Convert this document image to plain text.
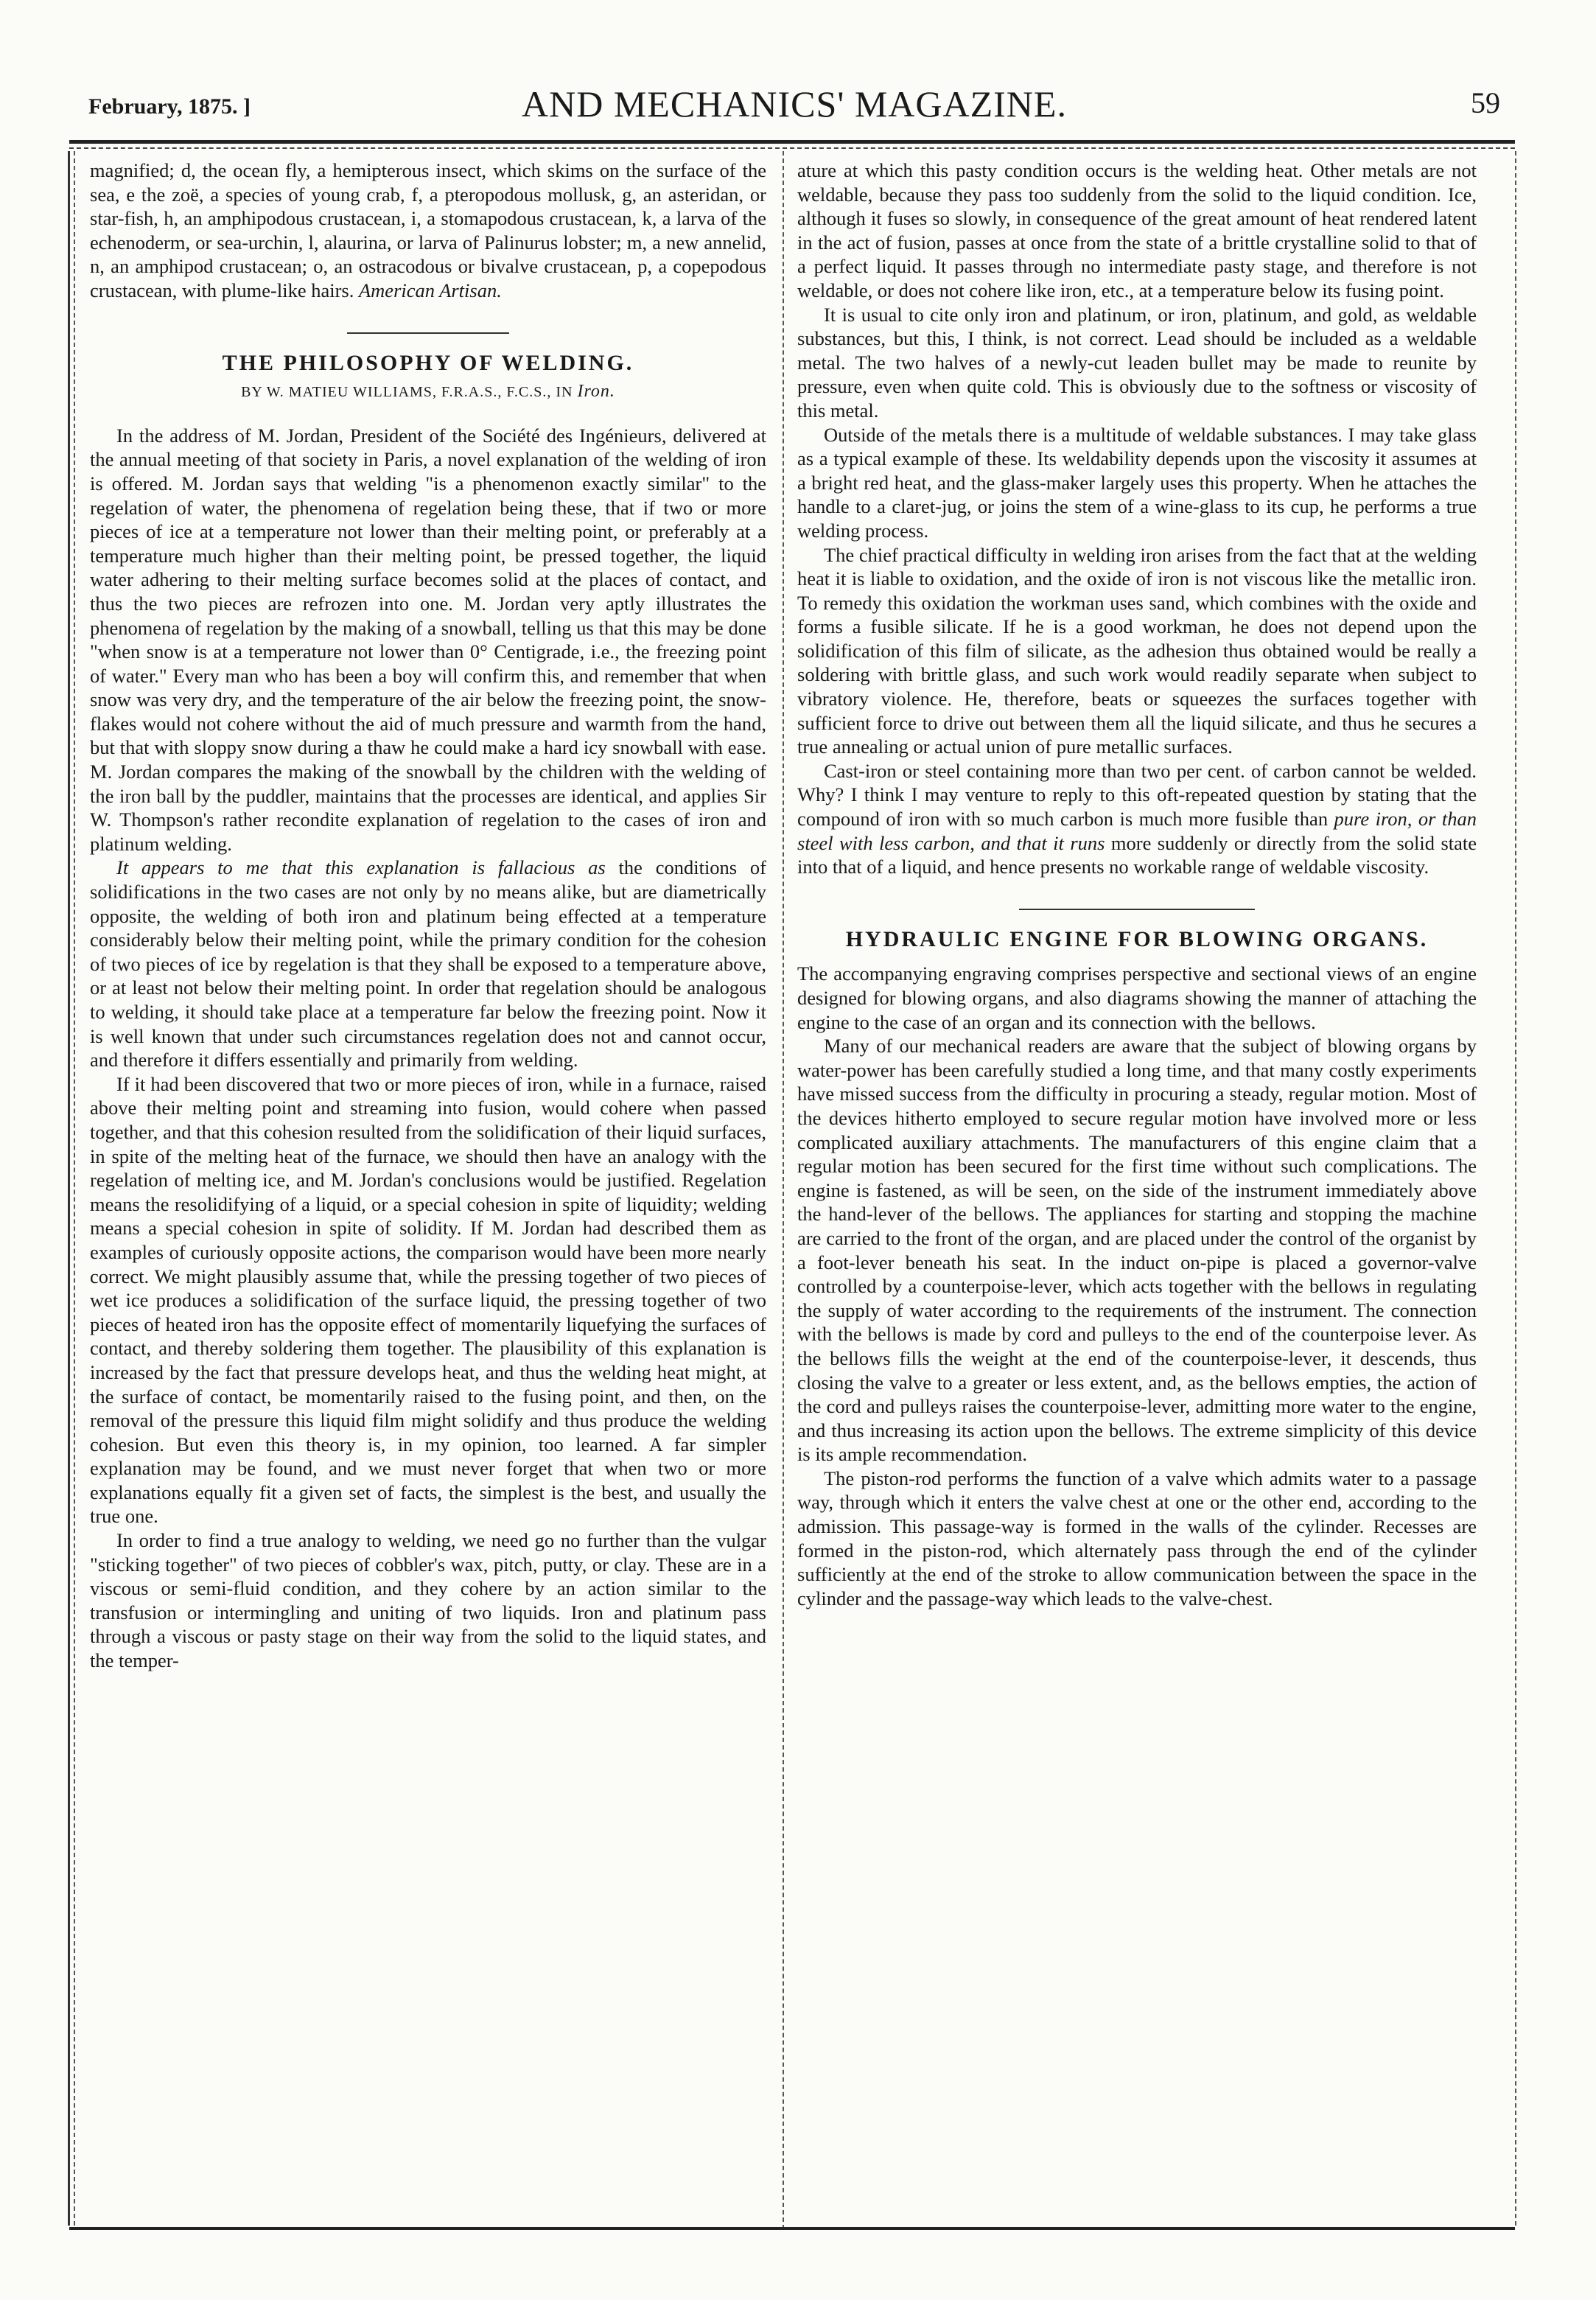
February, 1875. ]	AND MECHANICS' MAGAZINE.	59

magnified; d, the ocean fly, a hemipterous insect, which skims on the surface of the sea, e the zoë, a species of young crab, f, a pteropodous mollusk, g, an asteridan, or star-fish, h, an amphipodous crustacean, i, a stomapodous crustacean, k, a larva of the echenoderm, or sea-urchin, l, alaurina, or larva of Palinurus lobster; m, a new annelid, n, an amphipod crustacean; o, an ostracodous or bivalve crustacean, p, a copepodous crustacean, with plume-like hairs. American Artisan.

THE PHILOSOPHY OF WELDING.
BY W. MATIEU WILLIAMS, F.R.A.S., F.C.S., IN Iron.

In the address of M. Jordan, President of the Société des Ingénieurs, delivered at the annual meeting of that society in Paris, a novel explanation of the welding of iron is offered. M. Jordan says that welding "is a phenomenon exactly similar" to the regelation of water, the phenomena of regelation being these, that if two or more pieces of ice at a temperature not lower than their melting point, or preferably at a temperature much higher than their melting point, be pressed together, the liquid water adhering to their melting surface becomes solid at the places of contact, and thus the two pieces are refrozen into one. M. Jordan very aptly illustrates the phenomena of regelation by the making of a snowball, telling us that this may be done "when snow is at a temperature not lower than 0° Centigrade, i.e., the freezing point of water." Every man who has been a boy will confirm this, and remember that when snow was very dry, and the temperature of the air below the freezing point, the snow-flakes would not cohere without the aid of much pressure and warmth from the hand, but that with sloppy snow during a thaw he could make a hard icy snowball with ease. M. Jordan compares the making of the snowball by the children with the welding of the iron ball by the puddler, maintains that the processes are identical, and applies Sir W. Thompson's rather recondite explanation of regelation to the cases of iron and platinum welding.

It appears to me that this explanation is fallacious as the conditions of solidifications in the two cases are not only by no means alike, but are diametrically opposite, the welding of both iron and platinum being effected at a temperature considerably below their melting point, while the primary condition for the cohesion of two pieces of ice by regelation is that they shall be exposed to a temperature above, or at least not below their melting point. In order that regelation should be analogous to welding, it should take place at a temperature far below the freezing point. Now it is well known that under such circumstances regelation does not and cannot occur, and therefore it differs essentially and primarily from welding.

If it had been discovered that two or more pieces of iron, while in a furnace, raised above their melting point and streaming into fusion, would cohere when passed together, and that this cohesion resulted from the solidification of their liquid surfaces, in spite of the melting heat of the furnace, we should then have an analogy with the regelation of melting ice, and M. Jordan's conclusions would be justified. Regelation means the resolidifying of a liquid, or a special cohesion in spite of liquidity; welding means a special cohesion in spite of solidity. If M. Jordan had described them as examples of curiously opposite actions, the comparison would have been more nearly correct. We might plausibly assume that, while the pressing together of two pieces of wet ice produces a solidification of the surface liquid, the pressing together of two pieces of heated iron has the opposite effect of momentarily liquefying the surfaces of contact, and thereby soldering them together. The plausibility of this explanation is increased by the fact that pressure develops heat, and thus the welding heat might, at the surface of contact, be momentarily raised to the fusing point, and then, on the removal of the pressure this liquid film might solidify and thus produce the welding cohesion. But even this theory is, in my opinion, too learned. A far simpler explanation may be found, and we must never forget that when two or more explanations equally fit a given set of facts, the simplest is the best, and usually the true one.

In order to find a true analogy to welding, we need go no further than the vulgar "sticking together" of two pieces of cobbler's wax, pitch, putty, or clay. These are in a viscous or semi-fluid condition, and they cohere by an action similar to the transfusion or intermingling and uniting of two liquids. Iron and platinum pass through a viscous or pasty stage on their way from the solid to the liquid states, and the temper-

ature at which this pasty condition occurs is the welding heat. Other metals are not weldable, because they pass too suddenly from the solid to the liquid condition. Ice, although it fuses so slowly, in consequence of the great amount of heat rendered latent in the act of fusion, passes at once from the state of a brittle crystalline solid to that of a perfect liquid. It passes through no intermediate pasty stage, and therefore is not weldable, or does not cohere like iron, etc., at a temperature below its fusing point.

It is usual to cite only iron and platinum, or iron, platinum, and gold, as weldable substances, but this, I think, is not correct. Lead should be included as a weldable metal. The two halves of a newly-cut leaden bullet may be made to reunite by pressure, even when quite cold. This is obviously due to the softness or viscosity of this metal.

Outside of the metals there is a multitude of weldable substances. I may take glass as a typical example of these. Its weldability depends upon the viscosity it assumes at a bright red heat, and the glass-maker largely uses this property. When he attaches the handle to a claret-jug, or joins the stem of a wine-glass to its cup, he performs a true welding process.

The chief practical difficulty in welding iron arises from the fact that at the welding heat it is liable to oxidation, and the oxide of iron is not viscous like the metallic iron. To remedy this oxidation the workman uses sand, which combines with the oxide and forms a fusible silicate. If he is a good workman, he does not depend upon the solidification of this film of silicate, as the adhesion thus obtained would be really a soldering with brittle glass, and such work would readily separate when subject to vibratory violence. He, therefore, beats or squeezes the surfaces together with sufficient force to drive out between them all the liquid silicate, and thus he secures a true annealing or actual union of pure metallic surfaces.

Cast-iron or steel containing more than two per cent. of carbon cannot be welded. Why? I think I may venture to reply to this oft-repeated question by stating that the compound of iron with so much carbon is much more fusible than pure iron, or than steel with less carbon, and that it runs more suddenly or directly from the solid state into that of a liquid, and hence presents no workable range of weldable viscosity.

HYDRAULIC ENGINE FOR BLOWING ORGANS.

The accompanying engraving comprises perspective and sectional views of an engine designed for blowing organs, and also diagrams showing the manner of attaching the engine to the case of an organ and its connection with the bellows.

Many of our mechanical readers are aware that the subject of blowing organs by water-power has been carefully studied a long time, and that many costly experiments have missed success from the difficulty in procuring a steady, regular motion. Most of the devices hitherto employed to secure regular motion have involved more or less complicated auxiliary attachments. The manufacturers of this engine claim that a regular motion has been secured for the first time without such complications. The engine is fastened, as will be seen, on the side of the instrument immediately above the hand-lever of the bellows. The appliances for starting and stopping the machine are carried to the front of the organ, and are placed under the control of the organist by a foot-lever beneath his seat. In the induct on-pipe is placed a governor-valve controlled by a counterpoise-lever, which acts together with the bellows in regulating the supply of water according to the requirements of the instrument. The connection with the bellows is made by cord and pulleys to the end of the counterpoise lever. As the bellows fills the weight at the end of the counterpoise-lever, it descends, thus closing the valve to a greater or less extent, and, as the bellows empties, the action of the cord and pulleys raises the counterpoise-lever, admitting more water to the engine, and thus increasing its action upon the bellows. The extreme simplicity of this device is its ample recommendation.

The piston-rod performs the function of a valve which admits water to a passage way, through which it enters the valve chest at one or the other end, according to the admission. This passage-way is formed in the walls of the cylinder. Recesses are formed in the piston-rod, which alternately pass through the end of the cylinder sufficiently at the end of the stroke to allow communication between the space in the cylinder and the passage-way which leads to the valve-chest.
